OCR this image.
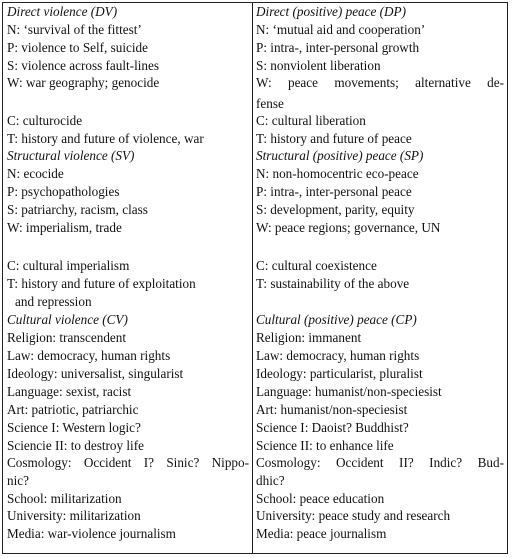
Direct violence (DV)
N: ‘survival of the fittest’
P: violence to Self, suicide
S: violence across fault-lines
W: war geography; genocide
C: culturocide
T: history and future of violence, war
Structural violence (SV)
N: ecocide
P: psychopathologies
S: patriarchy, racism, class
W: imperialism, trade
C: cultural imperialism
T: history and future of exploitation
and repression
Cultural violence (CV)
Religion: transcendent
Law: democracy, human rights
Ideology: universalist, singularist
Language: sexist, racist
Art: patriotic, patriarchic
Science I: Western logic?
Sciencie II: to destroy life
Cosmology: Occident I? Sinic? Nippo-
nic?
School: militarization
University: militarization
Media: war-violence journalism
Direct (positive) peace (DP)
N: ‘mutual aid and cooperation’
P: intra-, inter-personal growth
S: nonviolent liberation
W: peace movements; alternative de-
fense
C: cultural liberation
T: history and future of peace
Structural (positive) peace (SP)
N: non-homocentric eco-peace
P: intra-, inter-personal peace
S: development, parity, equity
W: peace regions; governance, UN
C: cultural coexistence
T: sustainability of the above
Cultural (positive) peace (CP)
Religion: immanent
Law: democracy, human rights
Ideology: particularist, pluralist
Language: humanist/non-speciesist
Art: humanist/non-speciesist
Science I: Daoist? Buddhist?
Science II: to enhance life
Cosmology: Occident II? Indic? Bud-
dhic?
School: peace education
University: peace study and research
Media: peace journalism
